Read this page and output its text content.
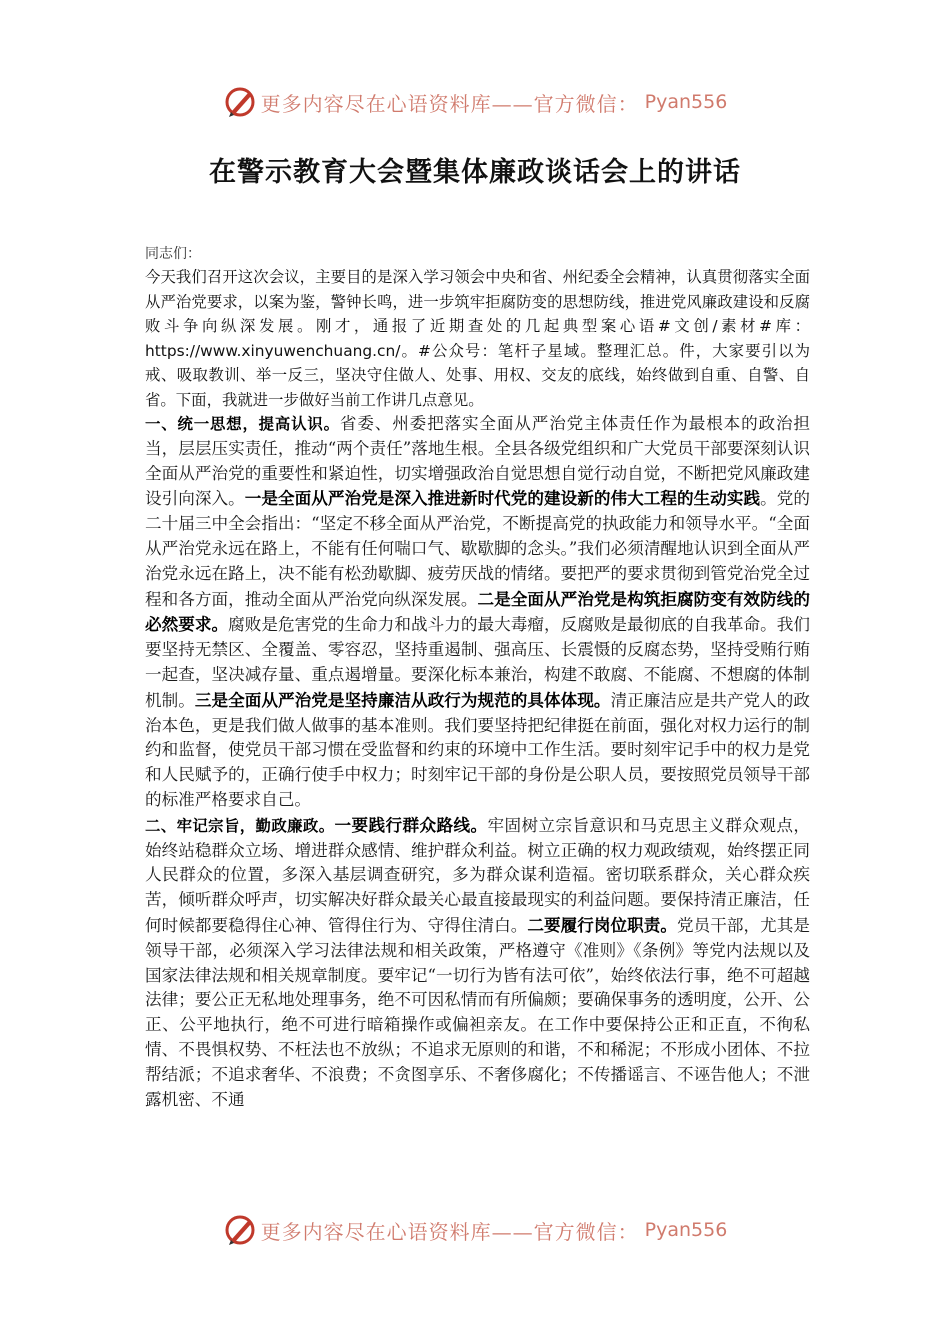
更多内容尽在心语资料库——官方微信： Pyan556
在警示教育大会暨集体廉政谈话会上的讲话
同志们：

今天我们召开这次会议，主要目的是深入学习领会中央和省、州纪委全会精神，认真贯彻落实全面从严治党要求，以案为鉴，警钟长鸣，进一步筑牢拒腐防变的思想防线，推进党风廉政建设和反腐败斗争向纵深发展。刚才，通报了近期查处的几起典型案心语#文创/素材#库：https://www.xinyuwenchuang.cn/。#公众号：笔杆子星域。整理汇总。件，大家要引以为戒、吸取教训、举一反三，坚决守住做人、处事、用权、交友的底线，始终做到自重、自警、自省。下面，我就进一步做好当前工作讲几点意见。

一、统一思想，提高认识。省委、州委把落实全面从严治党主体责任作为最根本的政治担当，层层压实责任，推动“两个责任”落地生根。全县各级党组织和广大党员干部要深刻认识全面从严治党的重要性和紧迫性，切实增强政治自觉思想自觉行动自觉，不断把党风廉政建设引向深入。一是全面从严治党是深入推进新时代党的建设新的伟大工程的生动实践。党的二十届三中全会指出：“坚定不移全面从严治党，不断提高党的执政能力和领导水平。“全面从严治党永远在路上，不能有任何喘口气、歇歇脚的念头。”我们必须清醒地认识到全面从严治党永远在路上，决不能有松劲歇脚、疲劳厌战的情绪。要把严的要求贯彻到管党治党全过程和各方面，推动全面从严治党向纵深发展。二是全面从严治党是构筑拒腐防变有效防线的必然要求。腐败是危害党的生命力和战斗力的最大毒瘤，反腐败是最彻底的自我革命。我们要坚持无禁区、全覆盖、零容忍，坚持重遏制、强高压、长震慑的反腐态势，坚持受贿行贿一起查，坚决减存量、重点遏增量。要深化标本兼治，构建不敢腐、不能腐、不想腐的体制机制。三是全面从严治党是坚持廉洁从政行为规范的具体体现。清正廉洁应是共产党人的政治本色，更是我们做人做事的基本准则。我们要坚持把纪律挺在前面，强化对权力运行的制约和监督，使党员干部习惯在受监督和约束的环境中工作生活。要时刻牢记手中的权力是党和人民赋予的，正确行使手中权力；时刻牢记干部的身份是公职人员，要按照党员领导干部的标准严格要求自己。

二、牢记宗旨，勤政廉政。一要践行群众路线。牢固树立宗旨意识和马克思主义群众观点，始终站稳群众立场、增进群众感情、维护群众利益。树立正确的权力观政绩观，始终摆正同人民群众的位置，多深入基层调查研究，多为群众谋利造福。密切联系群众，关心群众疾苦，倾听群众呼声，切实解决好群众最关心最直接最现实的利益问题。要保持清正廉洁，任何时候都要稳得住心神、管得住行为、守得住清白。二要履行岗位职责。党员干部，尤其是领导干部，必须深入学习法律法规和相关政策，严格遵守《准则》《条例》等党内法规以及国家法律法规和相关规章制度。要牢记“一切行为皆有法可依”，始终依法行事，绝不可超越法律；要公正无私地处理事务，绝不可因私情而有所偏颇；要确保事务的透明度，公开、公正、公平地执行，绝不可进行暗箱操作或偏袒亲友。在工作中要保持公正和正直，不徇私情、不畏惧权势、不枉法也不放纵；不追求无原则的和谐，不和稀泥；不形成小团体、不拉帮结派；不追求奢华、不浪费；不贪图享乐、不奢侈腐化；不传播谣言、不诬告他人；不泄露机密、不通

更多内容尽在心语资料库——官方微信： Pyan556
